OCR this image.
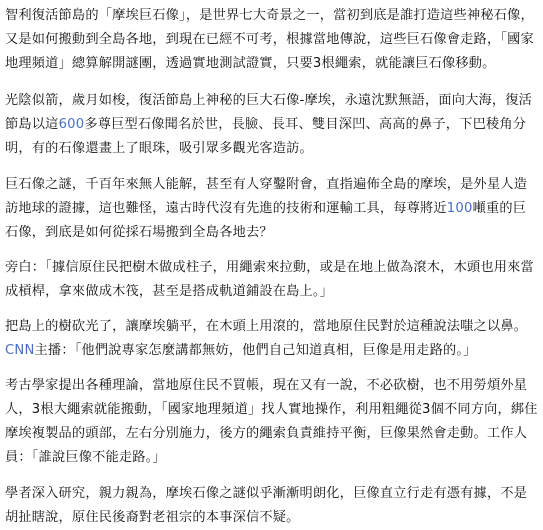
智利復活節島的「摩埃巨石像」，是世界七大奇景之一，當初到底是誰打造這些神秘石像，又是如何搬動到全島各地，到現在已經不可考，根據當地傳說，這些巨石像會走路，「國家地理頻道」總算解開謎團，透過實地測試證實，只要3根繩索，就能讓巨石像移動。

光陰似箭，歲月如梭，復活節島上神秘的巨大石像-摩埃，永遠沈默無語，面向大海，復活節島以這600多尊巨型石像聞名於世，長臉、長耳、雙目深凹、高高的鼻子，下巴稜角分明，有的石像還畫上了眼珠，吸引眾多觀光客造訪。

巨石像之謎，千百年來無人能解，甚至有人穿鑿附會，直指遍佈全島的摩埃，是外星人造訪地球的證據，這也難怪，遠古時代沒有先進的技術和運輸工具，每尊將近100噸重的巨石像，到底是如何從採石場搬到全島各地去？

旁白：「據信原住民把樹木做成柱子，用繩索來拉動，或是在地上做為滾木，木頭也用來當成槓桿，拿來做成木筏，甚至是搭成軌道鋪設在島上。」

把島上的樹砍光了，讓摩埃躺平，在木頭上用滾的，當地原住民對於這種說法嗤之以鼻。

CNN主播：「他們說專家怎麼講都無妨，他們自己知道真相，巨像是用走路的。」

考古學家提出各種理論，當地原住民不買帳，現在又有一說，不必砍樹，也不用勞煩外星人，3根大繩索就能搬動，「國家地理頻道」找人實地操作，利用粗繩從3個不同方向，綁住摩埃複製品的頭部，左右分別施力，後方的繩索負責維持平衡，巨像果然會走動。工作人員：「誰說巨像不能走路。」

學者深入研究，親力親為，摩埃石像之謎似乎漸漸明朗化，巨像直立行走有憑有據，不是胡扯瞎說，原住民後裔對老祖宗的本事深信不疑。
